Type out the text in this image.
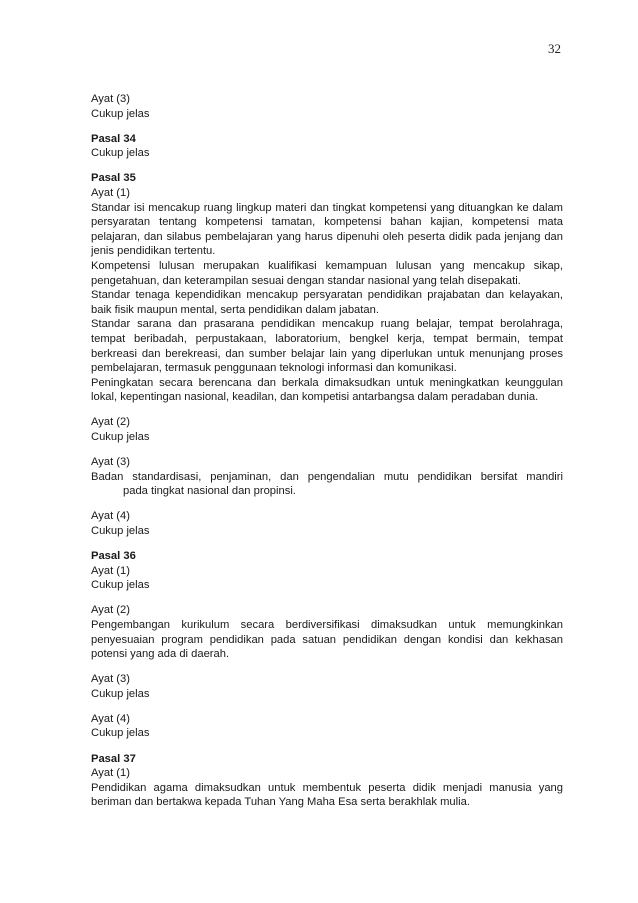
32
Ayat (3)
Cukup jelas
Pasal 34
Cukup jelas
Pasal 35
Ayat (1)
Standar isi mencakup ruang lingkup materi dan tingkat kompetensi yang dituangkan ke dalam persyaratan tentang kompetensi tamatan, kompetensi bahan kajian, kompetensi mata pelajaran, dan silabus pembelajaran yang harus dipenuhi oleh peserta didik pada jenjang dan jenis pendidikan tertentu.
Kompetensi lulusan merupakan kualifikasi kemampuan lulusan yang mencakup sikap, pengetahuan, dan keterampilan sesuai dengan standar nasional yang telah disepakati.
Standar tenaga kependidikan mencakup persyaratan pendidikan prajabatan dan kelayakan, baik fisik maupun mental, serta pendidikan dalam jabatan.
Standar sarana dan prasarana pendidikan mencakup ruang belajar, tempat berolahraga, tempat beribadah, perpustakaan, laboratorium, bengkel kerja, tempat bermain, tempat berkreasi dan berekreasi, dan sumber belajar lain yang diperlukan untuk menunjang proses pembelajaran, termasuk penggunaan teknologi informasi dan komunikasi.
Peningkatan secara berencana dan berkala dimaksudkan untuk meningkatkan keunggulan lokal, kepentingan nasional, keadilan, dan kompetisi antarbangsa dalam peradaban dunia.
Ayat (2)
Cukup jelas
Ayat (3)
Badan standardisasi, penjaminan, dan pengendalian mutu pendidikan bersifat mandiri
pada tingkat nasional dan propinsi.
Ayat (4)
Cukup jelas
Pasal 36
Ayat (1)
Cukup jelas
Ayat (2)
Pengembangan kurikulum secara berdiversifikasi dimaksudkan untuk memungkinkan penyesuaian program pendidikan pada satuan pendidikan dengan kondisi dan kekhasan potensi yang ada di daerah.
Ayat (3)
Cukup jelas
Ayat (4)
Cukup jelas
Pasal 37
Ayat (1)
Pendidikan agama dimaksudkan untuk membentuk peserta didik menjadi manusia yang beriman dan bertakwa kepada Tuhan Yang Maha Esa serta berakhlak mulia.
